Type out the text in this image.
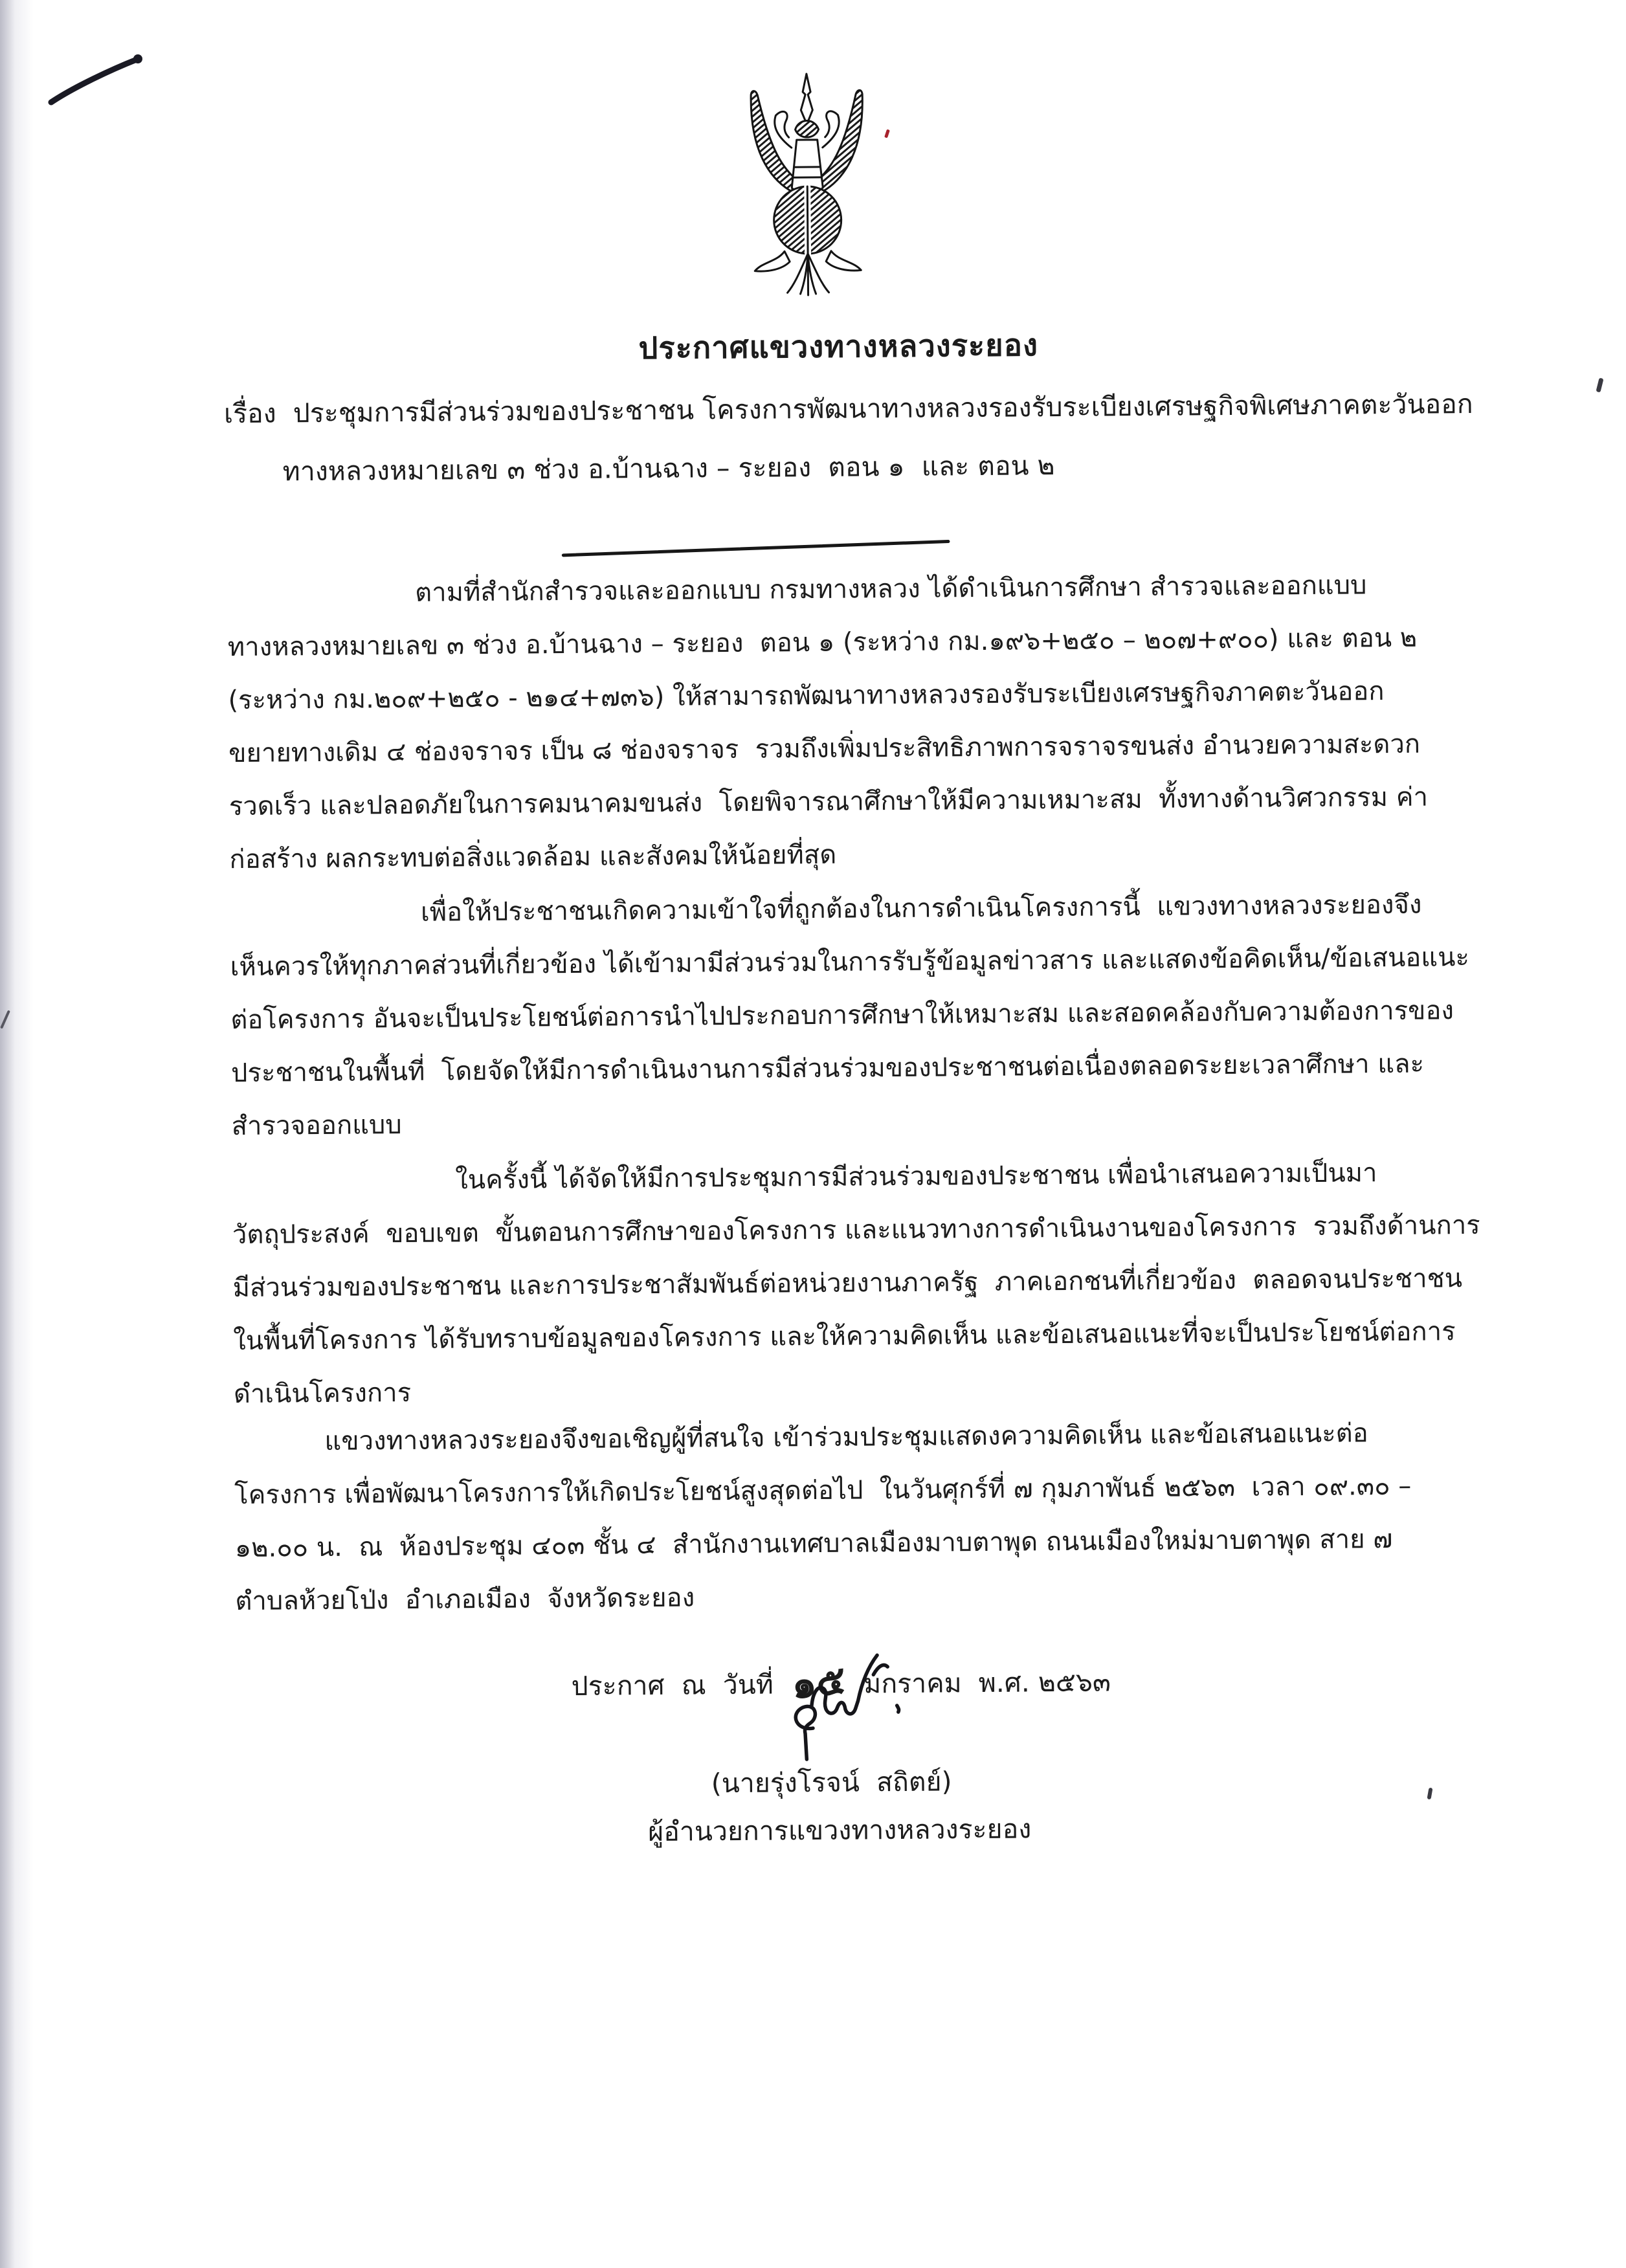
ประกาศแขวงทางหลวงระยอง
เรื่อง  ประชุมการมีส่วนร่วมของประชาชน โครงการพัฒนาทางหลวงรองรับระเบียงเศรษฐกิจพิเศษภาคตะวันออก
ทางหลวงหมายเลข ๓ ช่วง อ.บ้านฉาง – ระยอง  ตอน ๑  และ ตอน ๒
ตามที่สำนักสำรวจและออกแบบ กรมทางหลวง ได้ดำเนินการศึกษา สำรวจและออกแบบ
ทางหลวงหมายเลข ๓ ช่วง อ.บ้านฉาง – ระยอง  ตอน ๑ (ระหว่าง กม.๑๙๖+๒๕๐ – ๒๐๗+๙๐๐) และ ตอน ๒
(ระหว่าง กม.๒๐๙+๒๕๐ - ๒๑๔+๗๓๖) ให้สามารถพัฒนาทางหลวงรองรับระเบียงเศรษฐกิจภาคตะวันออก
ขยายทางเดิม ๔ ช่องจราจร เป็น ๘ ช่องจราจร  รวมถึงเพิ่มประสิทธิภาพการจราจรขนส่ง อำนวยความสะดวก
รวดเร็ว และปลอดภัยในการคมนาคมขนส่ง  โดยพิจารณาศึกษาให้มีความเหมาะสม  ทั้งทางด้านวิศวกรรม ค่า
ก่อสร้าง ผลกระทบต่อสิ่งแวดล้อม และสังคมให้น้อยที่สุด
เพื่อให้ประชาชนเกิดความเข้าใจที่ถูกต้องในการดำเนินโครงการนี้  แขวงทางหลวงระยองจึง
เห็นควรให้ทุกภาคส่วนที่เกี่ยวข้อง ได้เข้ามามีส่วนร่วมในการรับรู้ข้อมูลข่าวสาร และแสดงข้อคิดเห็น/ข้อเสนอแนะ
ต่อโครงการ อันจะเป็นประโยชน์ต่อการนำไปประกอบการศึกษาให้เหมาะสม และสอดคล้องกับความต้องการของ
ประชาชนในพื้นที่  โดยจัดให้มีการดำเนินงานการมีส่วนร่วมของประชาชนต่อเนื่องตลอดระยะเวลาศึกษา และ
สำรวจออกแบบ
ในครั้งนี้ ได้จัดให้มีการประชุมการมีส่วนร่วมของประชาชน เพื่อนำเสนอความเป็นมา
วัตถุประสงค์  ขอบเขต  ขั้นตอนการศึกษาของโครงการ และแนวทางการดำเนินงานของโครงการ  รวมถึงด้านการ
มีส่วนร่วมของประชาชน และการประชาสัมพันธ์ต่อหน่วยงานภาครัฐ  ภาคเอกชนที่เกี่ยวข้อง  ตลอดจนประชาชน
ในพื้นที่โครงการ ได้รับทราบข้อมูลของโครงการ และให้ความคิดเห็น และข้อเสนอแนะที่จะเป็นประโยชน์ต่อการ
ดำเนินโครงการ
แขวงทางหลวงระยองจึงขอเชิญผู้ที่สนใจ เข้าร่วมประชุมแสดงความคิดเห็น และข้อเสนอแนะต่อ
โครงการ เพื่อพัฒนาโครงการให้เกิดประโยชน์สูงสุดต่อไป  ในวันศุกร์ที่ ๗ กุมภาพันธ์ ๒๕๖๓  เวลา ๐๙.๓๐ –
๑๒.๐๐ น.  ณ  ห้องประชุม ๔๐๓ ชั้น ๔  สำนักงานเทศบาลเมืองมาบตาพุด ถนนเมืองใหม่มาบตาพุด สาย ๗
ตำบลห้วยโป่ง  อำเภอเมือง  จังหวัดระยอง

ประกาศ  ณ  วันที่ ๑๕ มกราคม  พ.ศ. ๒๕๖๓

(นายรุ่งโรจน์  สถิตย์)
ผู้อำนวยการแขวงทางหลวงระยอง
